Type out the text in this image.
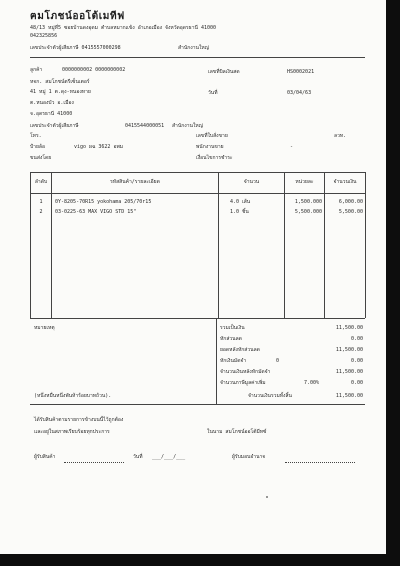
ฅมโภชน์ออโต้เมทีฟ
48/13 หมู่ที่5 ซอยบ้านดงอุดม ตำบลหมากแข้ง อำเภอเมือง จังหวัดอุดรธานี 41000
042325856
เลขประจำตัวผู้เสียภาษี 0415557000298	สำนักงานใหญ่
ลูกค้า	0000000002 0000000002
หจก. สมโภชน์ตรีเซ็นเตอร์
41 หมู่ 1 ต.ดุง-หนองหาย
ต.หนองบัว อ.เมือง
จ.อุดรธานี 41000
เลขประจำตัวผู้เสียภาษี	0415544000051 สำนักงานใหญ่
โทร.
ป้ายล้อ	vigo ผฉ 3622 อพม
ขนส่งโดย
เลขที่บิลเงินสด	HS0002021
วันที่	03/04/63
เลขที่ใบสั่งขาย	ลวท.
พนักงานขาย	-
เงื่อนไขการชำระ
ลำดับ	รหัสสินค้า/รายละเอียด	จำนวน	หน่วยละ	จำนวนเงิน
1	0Y-8205-70R15 yokohama 205/70r15	4.0 เส้น	1,500.000	6,000.00
2	03-0225-63 MAX VIGO STD 15"	1.0 ชิ้น	5,500.000	5,500.00
หมายเหตุ	รวมเป็นเงิน	11,500.00
หักส่วนลด	0.00
ยอดหลังหักส่วนลด	11,500.00
หักเงินมัดจำ	0	0.00
จำนวนเงินหลังหักมัดจำ	11,500.00
จำนวนภาษีมูลค่าเพิ่ม	7.00%	0.00
(หนึ่งหมื่นหนึ่งพันห้าร้อยบาทถ้วน).	จำนวนเงินรวมทั้งสิ้น	11,500.00
ได้รับสินค้าตามรายการข้างบนนี้ไว้ถูกต้อง
และอยู่ในสภาพเรียบร้อยทุกประการ	ในนาม สมโภชน์ออโต้มีทซ์
ผู้รับสินค้า	วันที่ ___/___/___	ผู้รับมอบอำนาจ
